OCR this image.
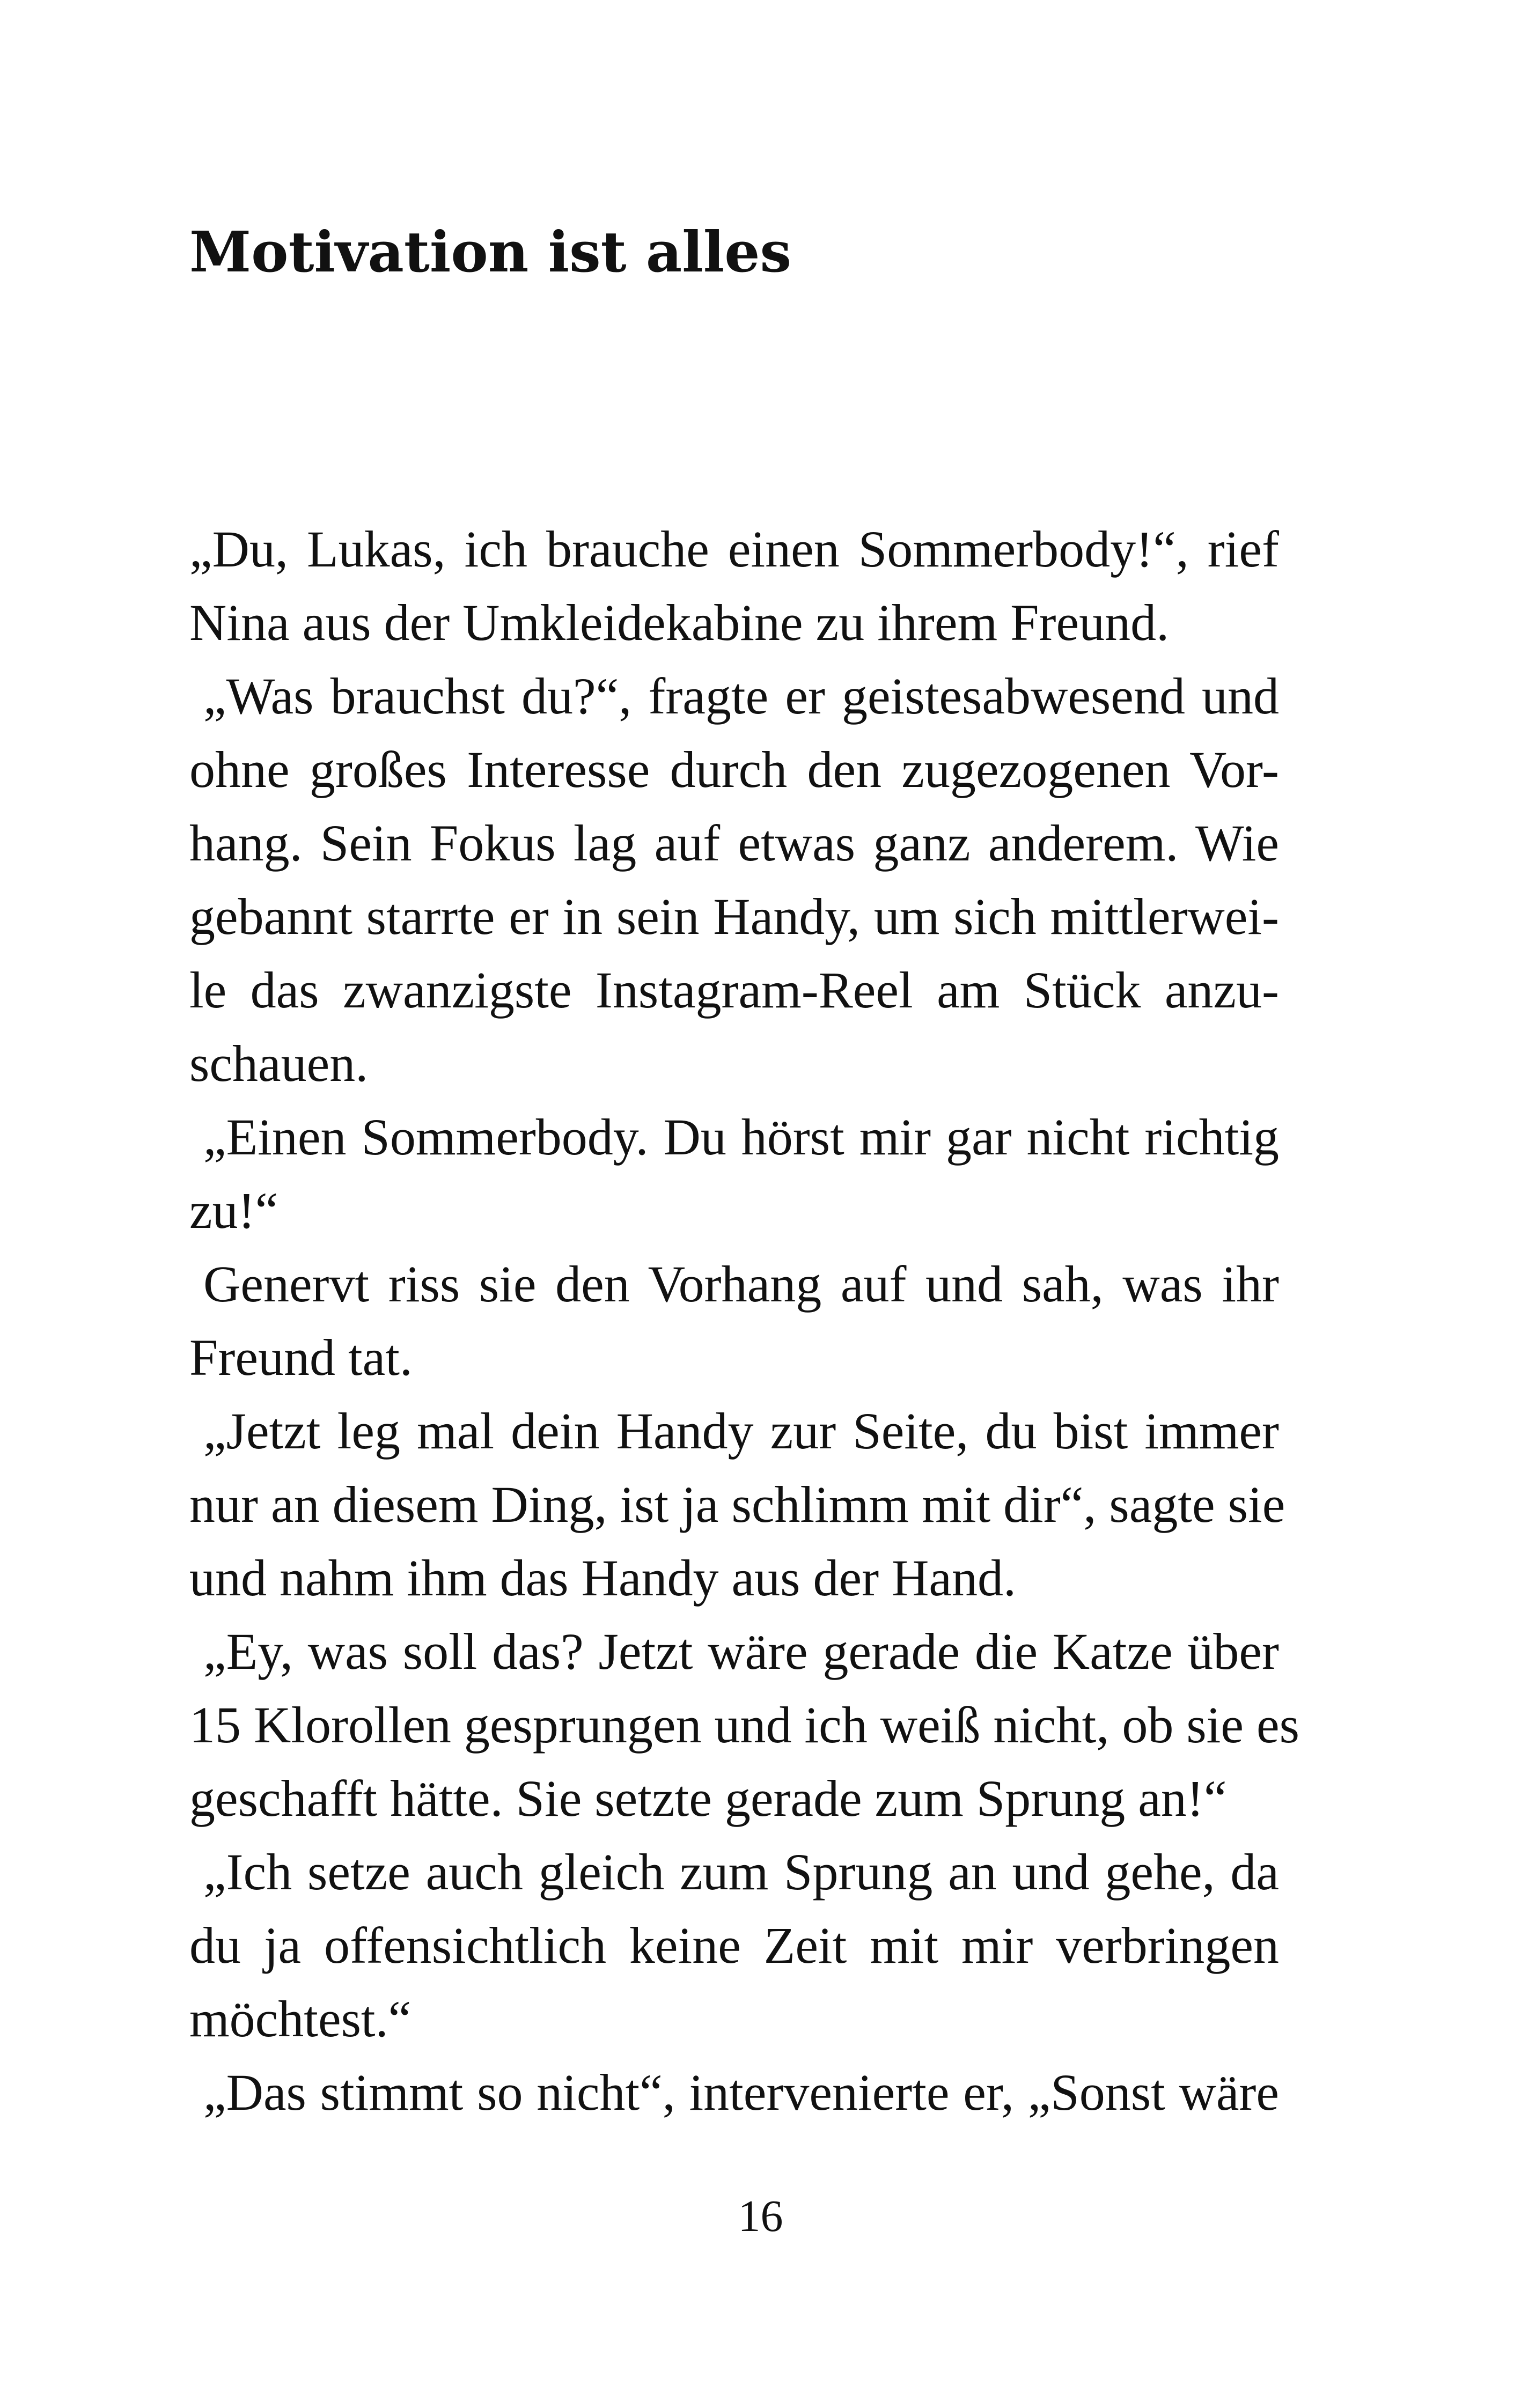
Motivation ist alles
„Du, Lukas, ich brauche einen Sommerbody!“, rief
Nina aus der Umkleidekabine zu ihrem Freund.
„Was brauchst du?“, fragte er geistesabwesend und
ohne großes Interesse durch den zugezogenen Vor-
hang. Sein Fokus lag auf etwas ganz anderem. Wie
gebannt starrte er in sein Handy, um sich mittlerwei-
le das zwanzigste Instagram-Reel am Stück anzu-
schauen.
„Einen Sommerbody. Du hörst mir gar nicht richtig
zu!“
Genervt riss sie den Vorhang auf und sah, was ihr
Freund tat.
„Jetzt leg mal dein Handy zur Seite, du bist immer
nur an diesem Ding, ist ja schlimm mit dir“, sagte sie
und nahm ihm das Handy aus der Hand.
„Ey, was soll das? Jetzt wäre gerade die Katze über
15 Klorollen gesprungen und ich weiß nicht, ob sie es
geschafft hätte. Sie setzte gerade zum Sprung an!“
„Ich setze auch gleich zum Sprung an und gehe, da
du ja offensichtlich keine Zeit mit mir verbringen
möchtest.“
„Das stimmt so nicht“, intervenierte er, „Sonst wäre
16
